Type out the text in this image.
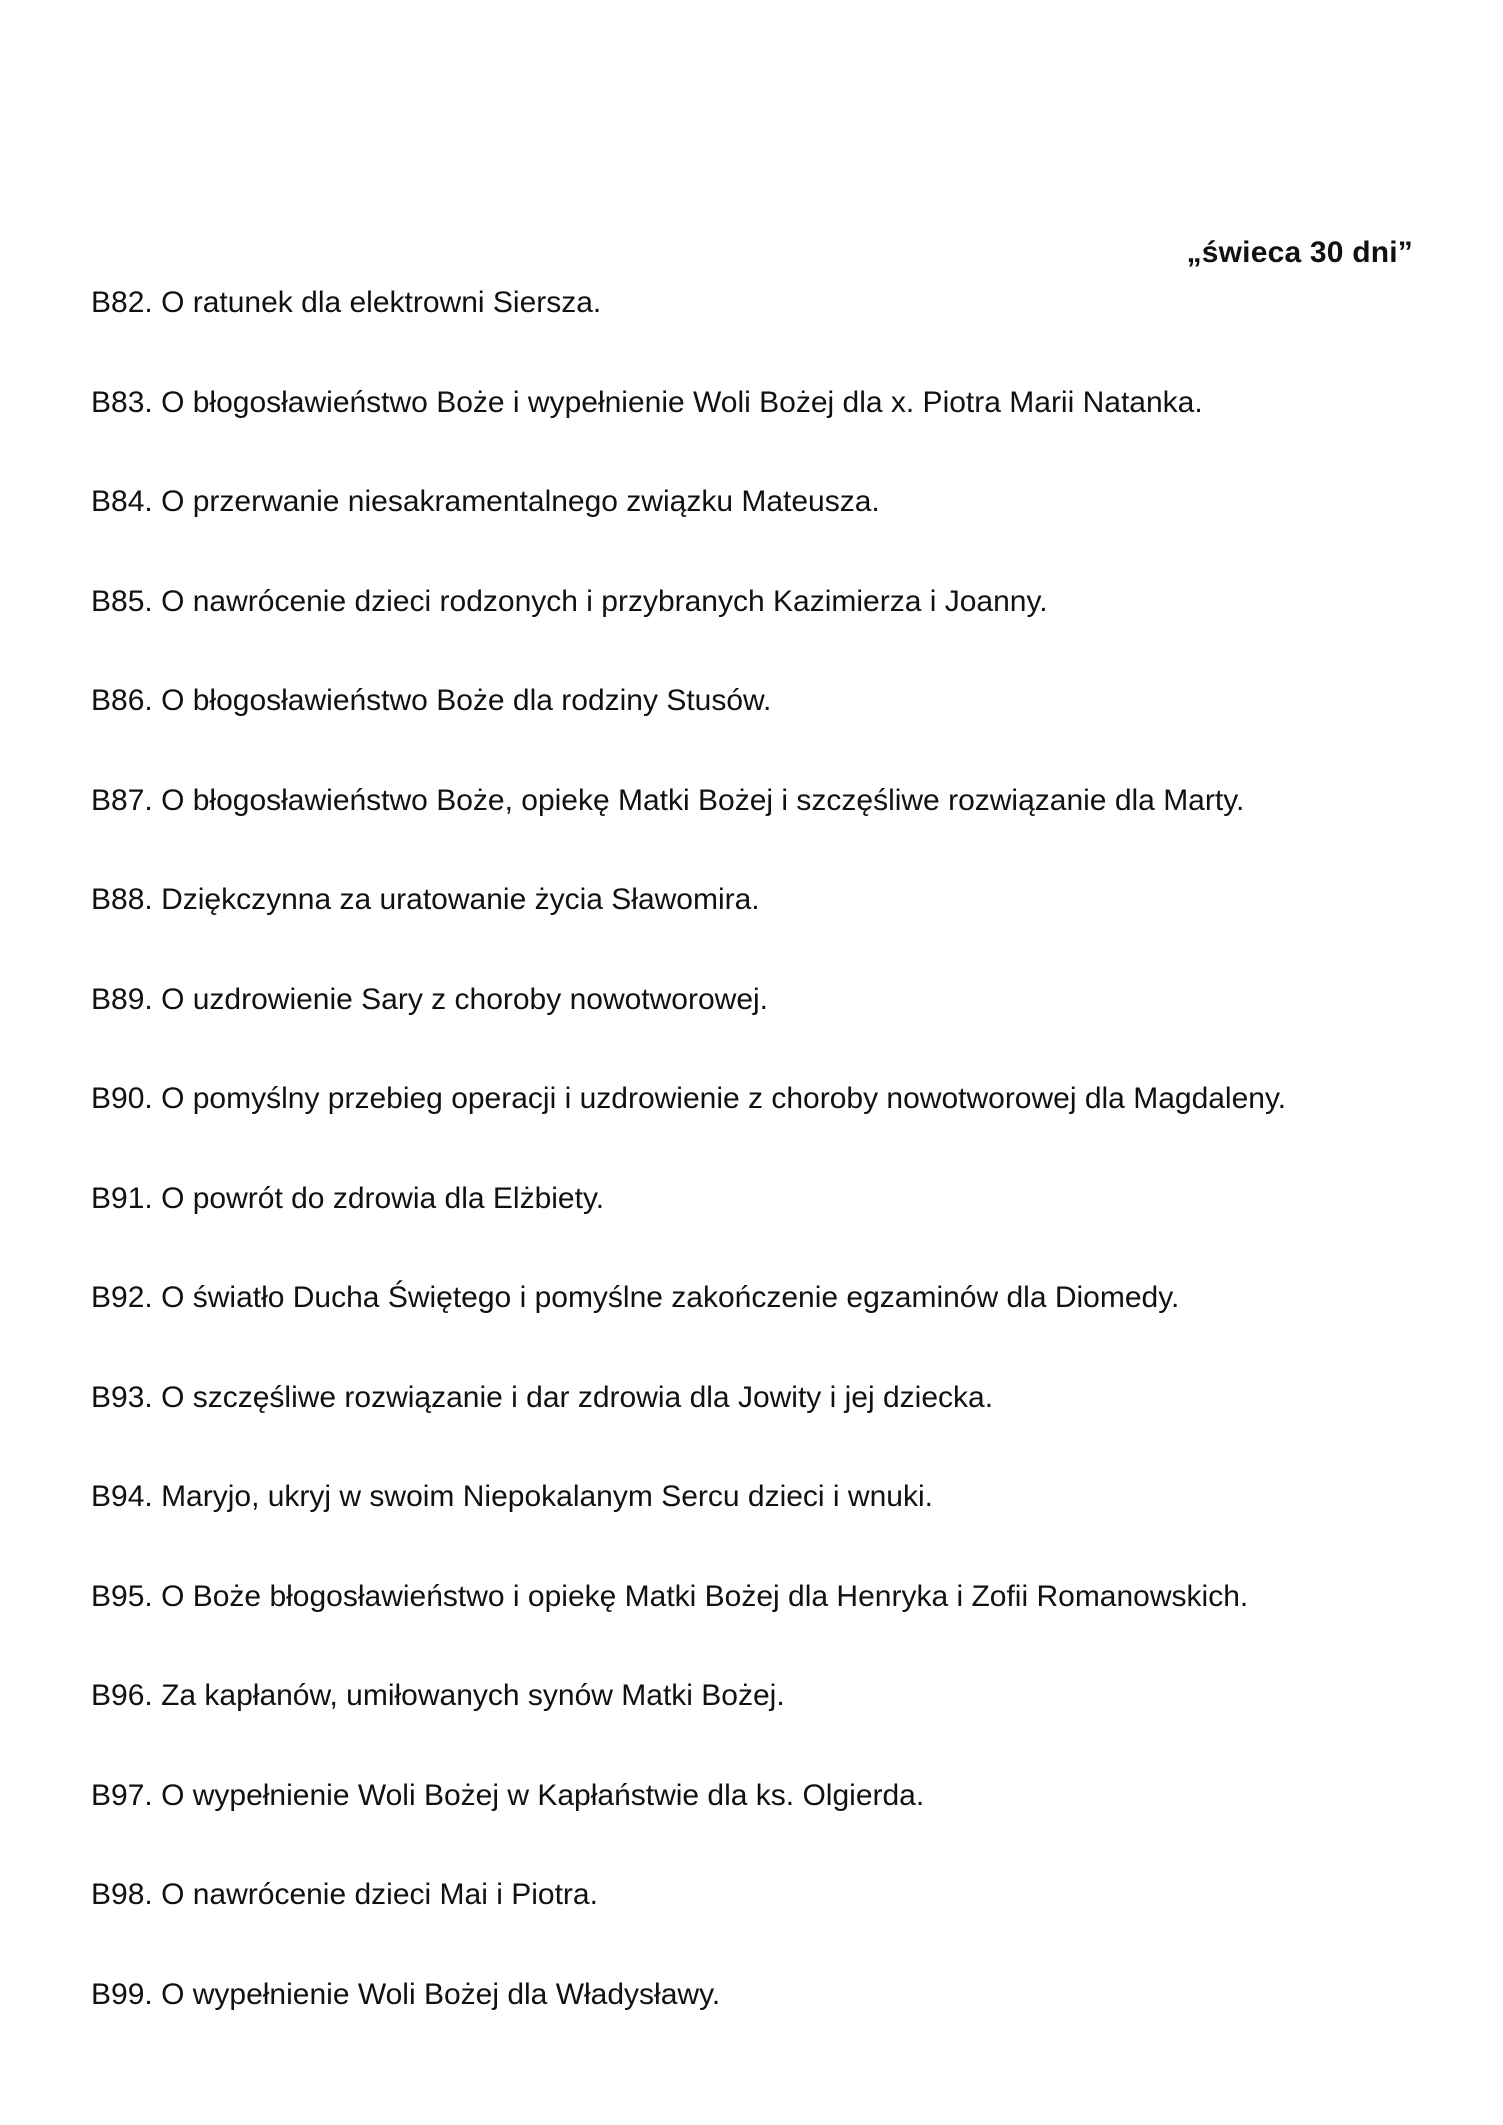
„świeca 30 dni”
B82. O ratunek dla elektrowni Siersza.
B83. O błogosławieństwo Boże i wypełnienie Woli Bożej dla x. Piotra Marii Natanka.
B84. O przerwanie niesakramentalnego związku Mateusza.
B85. O nawrócenie dzieci rodzonych i przybranych Kazimierza i Joanny.
B86. O błogosławieństwo Boże dla rodziny Stusów.
B87. O błogosławieństwo Boże, opiekę Matki Bożej i szczęśliwe rozwiązanie dla Marty.
B88. Dziękczynna za uratowanie życia Sławomira.
B89. O uzdrowienie Sary z choroby nowotworowej.
B90. O pomyślny przebieg operacji i uzdrowienie z choroby nowotworowej dla Magdaleny.
B91. O powrót do zdrowia dla Elżbiety.
B92. O światło Ducha Świętego i pomyślne zakończenie egzaminów dla Diomedy.
B93. O szczęśliwe rozwiązanie i dar zdrowia dla Jowity i jej dziecka.
B94. Maryjo, ukryj w swoim Niepokalanym Sercu dzieci i wnuki.
B95. O Boże błogosławieństwo i opiekę Matki Bożej dla Henryka i Zofii Romanowskich.
B96. Za kapłanów, umiłowanych synów Matki Bożej.
B97. O wypełnienie Woli Bożej w Kapłaństwie dla ks. Olgierda.
B98. O nawrócenie dzieci Mai i Piotra.
B99. O wypełnienie Woli Bożej dla Władysławy.
